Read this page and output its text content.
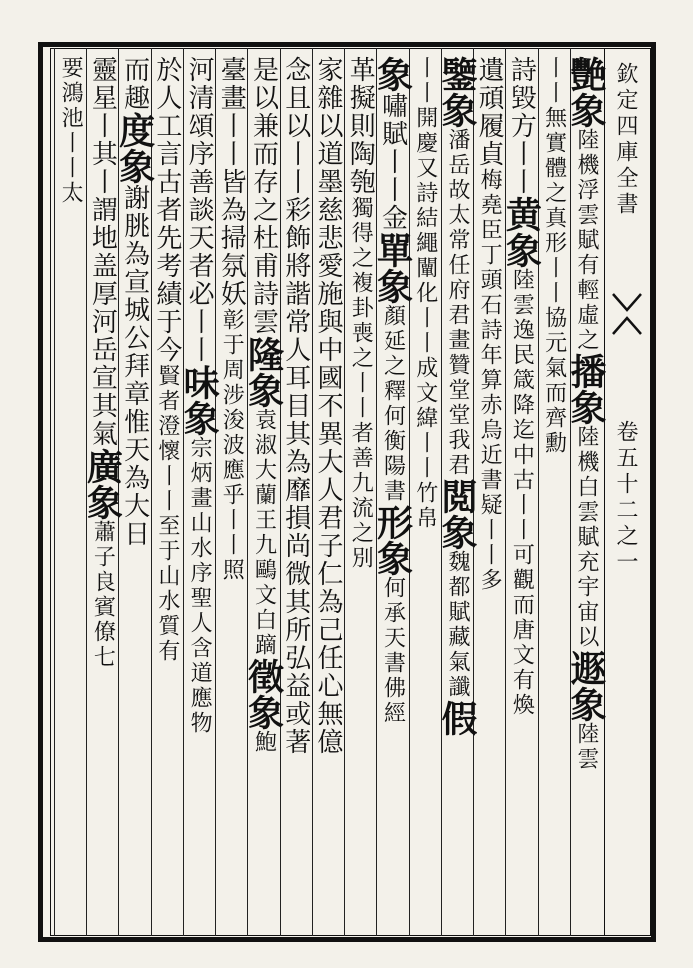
欽定四庫全書
卷五十二之一
艷象
陸機浮雲賦有輕虛之
播象
陸機白雲賦充宇宙以
遯象
陸雲
丨丨無實體之真形
丨丨協元氣而齊勳
詩毀方丨丨
黄象
陸雲逸民箴降迄中古丨丨可觀而唐文有煥
遺頑履貞
梅堯臣丁頭石詩年算赤烏近書疑丨丨多
鑒象
潘岳故太常任府君畫贊堂堂我君
閲象
魏都賦藏氣讖
假
丨丨開慶又詩結繩闡化丨丨成文
緯丨丨竹帛
象
嘯賦丨丨金
單象
顏延之釋何衡陽書
形象
何承天書佛經
革擬則陶匏
獨得之複卦喪之丨丨
者善九流之別
家雜以道墨慈悲愛施與中國不異大人君子仁為己任心無億
念且以丨丨彩飾將諧常人耳目其為靡損尚微其所弘益或著
是以兼而存之杜甫詩雲
隆象
袁淑大蘭王九鷗文白蹢
徵象
鮑
臺畫丨丨皆為掃氛妖
彰于周涉浚波應乎丨丨
照
河清頌序善談天者必丨丨
味象
宗炳畫山水序聖人含道應物
於人工言古者先考績于今
賢者澄懷丨丨至于山水質有
而趣
度象
謝朓為宣城公拜章惟天為大日
靈
星丨其丨謂地盖厚河岳宣其氣
廣象
蕭子良賓僚七
要鴻池丨丨太
